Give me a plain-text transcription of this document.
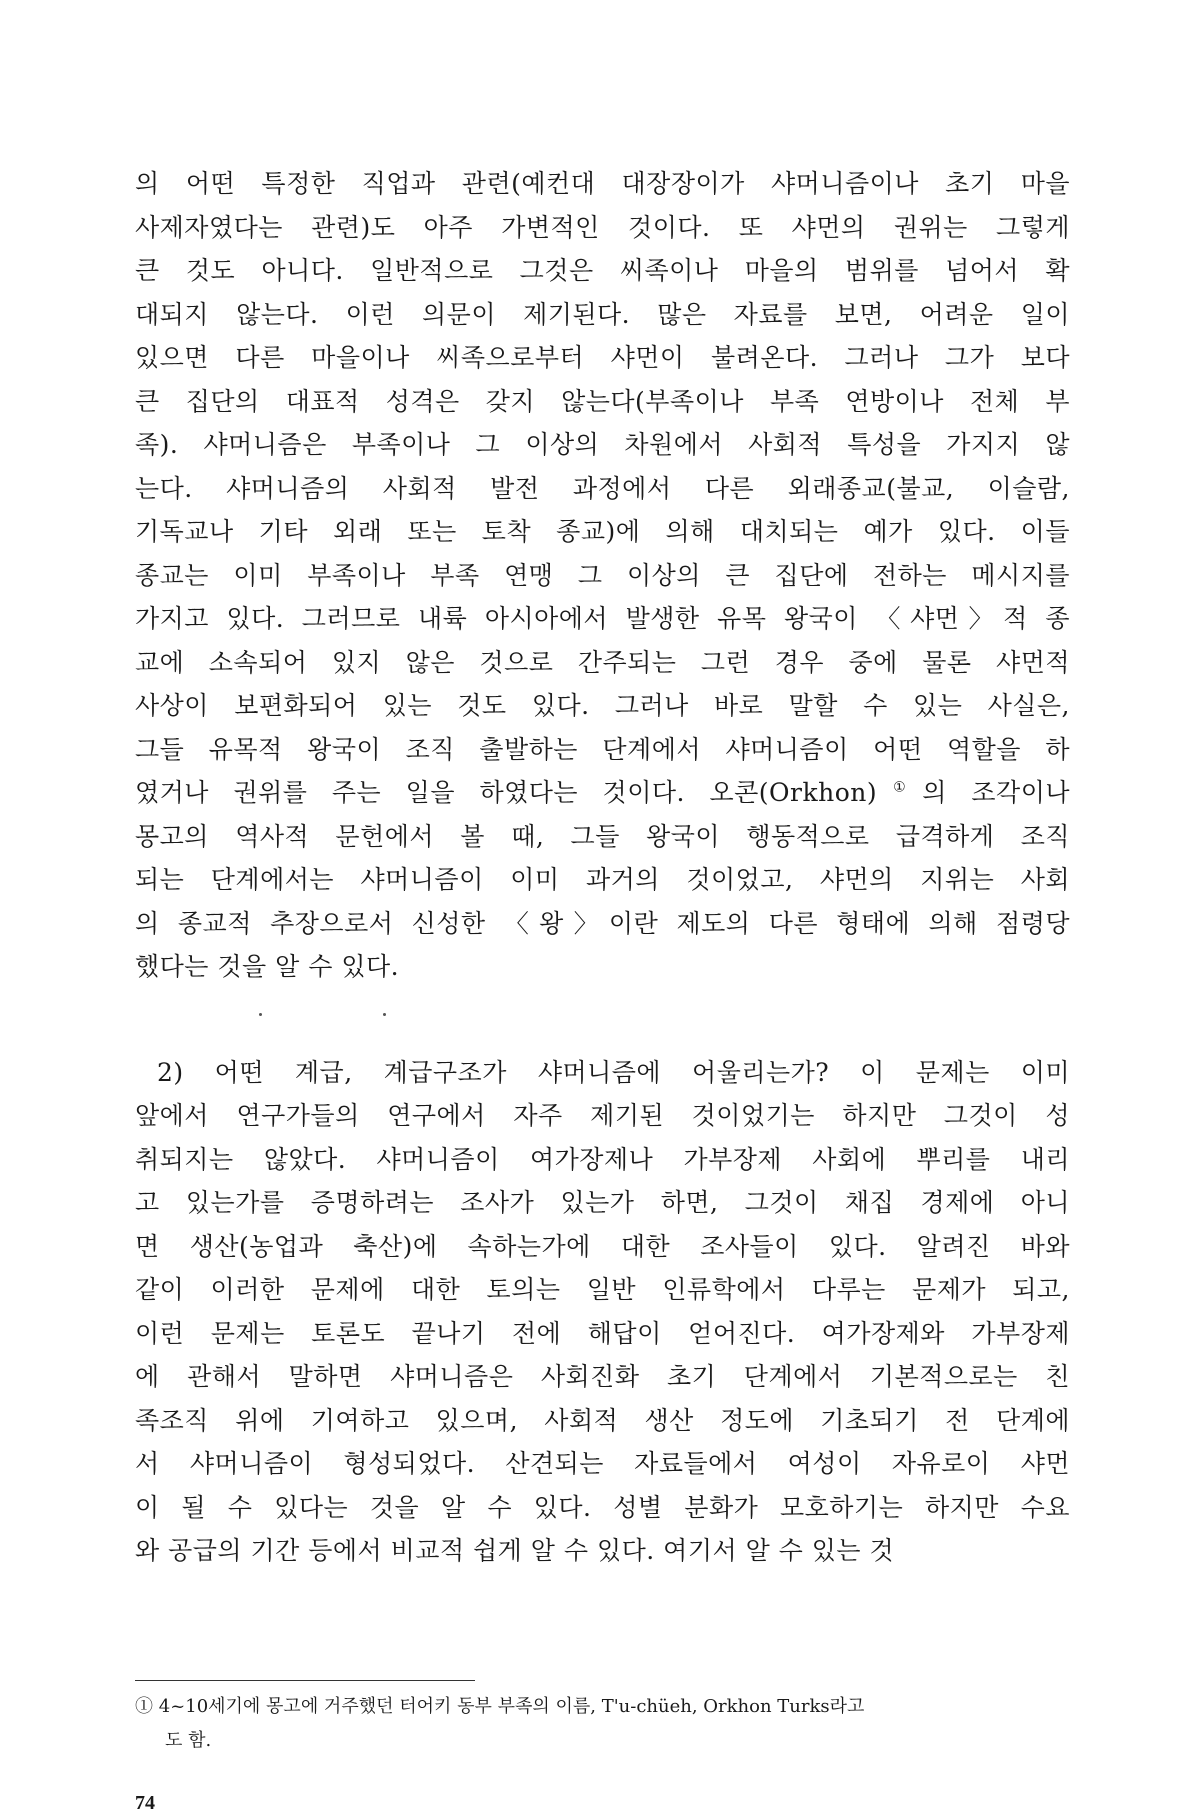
의 어떤 특정한 직업과 관련(예컨대 대장장이가 샤머니즘이나 초기 마을
사제자였다는 관련)도 아주 가변적인 것이다. 또 샤먼의 권위는 그렇게
큰 것도 아니다. 일반적으로 그것은 씨족이나 마을의 범위를 넘어서 확
대되지 않는다. 이런 의문이 제기된다. 많은 자료를 보면, 어려운 일이
있으면 다른 마을이나 씨족으로부터 샤먼이 불려온다. 그러나 그가 보다
큰 집단의 대표적 성격은 갖지 않는다(부족이나 부족 연방이나 전체 부
족). 샤머니즘은 부족이나 그 이상의 차원에서 사회적 특성을 가지지 않
는다. 샤머니즘의 사회적 발전 과정에서 다른 외래종교(불교, 이슬람,
기독교나 기타 외래 또는 토착 종교)에 의해 대치되는 예가 있다. 이들
종교는 이미 부족이나 부족 연맹 그 이상의 큰 집단에 전하는 메시지를
가지고 있다. 그러므로 내륙 아시아에서 발생한 유목 왕국이 〈샤먼〉적 종
교에 소속되어 있지 않은 것으로 간주되는 그런 경우 중에 물론 샤먼적
사상이 보편화되어 있는 것도 있다. 그러나 바로 말할 수 있는 사실은,
그들 유목적 왕국이 조직 출발하는 단계에서 샤머니즘이 어떤 역할을 하
였거나 권위를 주는 일을 하였다는 것이다. 오콘(Orkhon)①의 조각이나
몽고의 역사적 문헌에서 볼 때, 그들 왕국이 행동적으로 급격하게 조직
되는 단계에서는 샤머니즘이 이미 과거의 것이었고, 샤먼의 지위는 사회
의 종교적 추장으로서 신성한 〈왕〉이란 제도의 다른 형태에 의해 점령당
했다는 것을 알 수 있다.

2) 어떤 계급, 계급구조가 샤머니즘에 어울리는가? 이 문제는 이미
앞에서 연구가들의 연구에서 자주 제기된 것이었기는 하지만 그것이 성
취되지는 않았다. 샤머니즘이 여가장제나 가부장제 사회에 뿌리를 내리
고 있는가를 증명하려는 조사가 있는가 하면, 그것이 채집 경제에 아니
면 생산(농업과 축산)에 속하는가에 대한 조사들이 있다. 알려진 바와
같이 이러한 문제에 대한 토의는 일반 인류학에서 다루는 문제가 되고,
이런 문제는 토론도 끝나기 전에 해답이 얻어진다. 여가장제와 가부장제
에 관해서 말하면 샤머니즘은 사회진화 초기 단계에서 기본적으로는 친
족조직 위에 기여하고 있으며, 사회적 생산 정도에 기초되기 전 단계에
서 샤머니즘이 형성되었다. 산견되는 자료들에서 여성이 자유로이 샤먼
이 될 수 있다는 것을 알 수 있다. 성별 분화가 모호하기는 하지만 수요
와 공급의 기간 등에서 비교적 쉽게 알 수 있다. 여기서 알 수 있는 것

① 4~10세기에 몽고에 거주했던 터어키 동부 부족의 이름, T'u-chüeh, Orkhon Turks라고
도 함.
74
